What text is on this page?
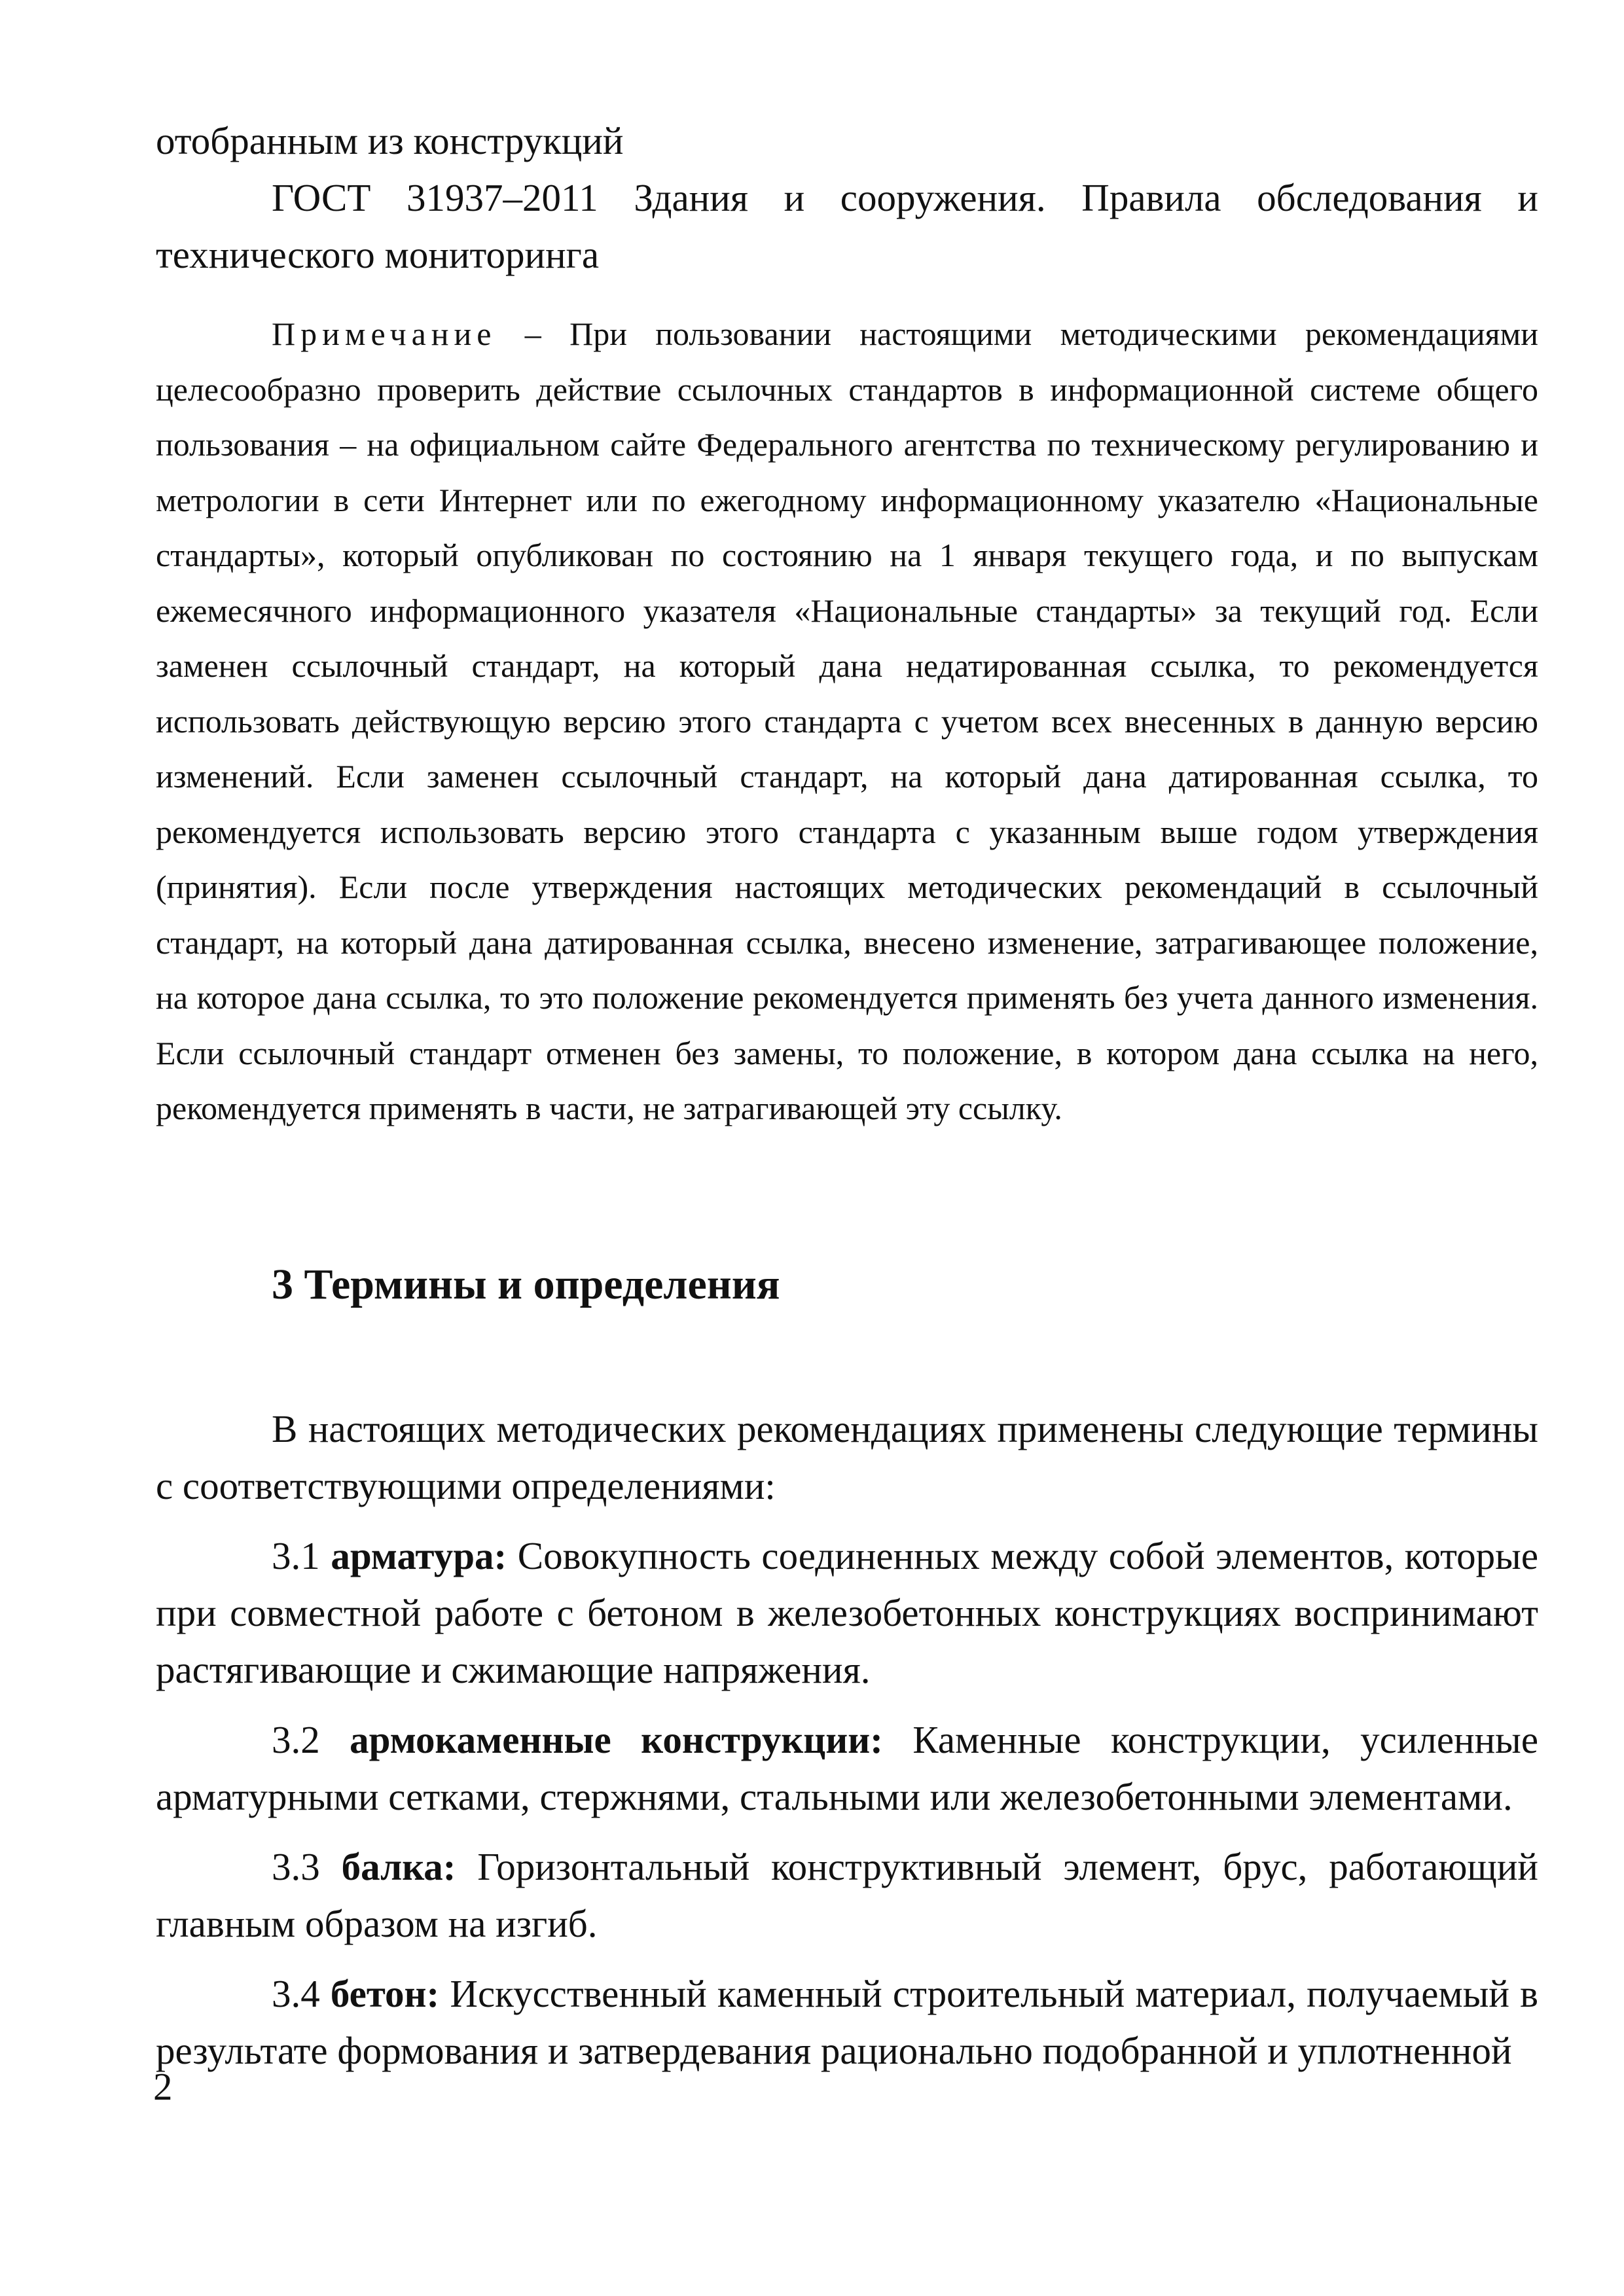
отобранным из конструкций

ГОСТ 31937–2011 Здания и сооружения. Правила обследования и технического мониторинга

Примечание – При пользовании настоящими методическими рекомендациями целесообразно проверить действие ссылочных стандартов в информационной системе общего пользования – на официальном сайте Федерального агентства по техническому регулированию и метрологии в сети Интернет или по ежегодному информационному указателю «Национальные стандарты», который опубликован по состоянию на 1 января текущего года, и по выпускам ежемесячного информационного указателя «Национальные стандарты» за текущий год. Если заменен ссылочный стандарт, на который дана недатированная ссылка, то рекомендуется использовать действующую версию этого стандарта с учетом всех внесенных в данную версию изменений. Если заменен ссылочный стандарт, на который дана датированная ссылка, то рекомендуется использовать версию этого стандарта с указанным выше годом утверждения (принятия). Если после утверждения настоящих методических рекомендаций в ссылочный стандарт, на который дана датированная ссылка, внесено изменение, затрагивающее положение, на которое дана ссылка, то это положение рекомендуется применять без учета данного изменения. Если ссылочный стандарт отменен без замены, то положение, в котором дана ссылка на него, рекомендуется применять в части, не затрагивающей эту ссылку.

3 Термины и определения

В настоящих методических рекомендациях применены следующие термины с соответствующими определениями:

3.1 арматура: Совокупность соединенных между собой элементов, которые при совместной работе с бетоном в железобетонных конструкциях воспринимают растягивающие и сжимающие напряжения.

3.2 армокаменные конструкции: Каменные конструкции, усиленные арматурными сетками, стержнями, стальными или железобетонными элементами.

3.3 балка: Горизонтальный конструктивный элемент, брус, работающий главным образом на изгиб.

3.4 бетон: Искусственный каменный строительный материал, получаемый в результате формования и затвердевания рационально подобранной и уплотненной

2
